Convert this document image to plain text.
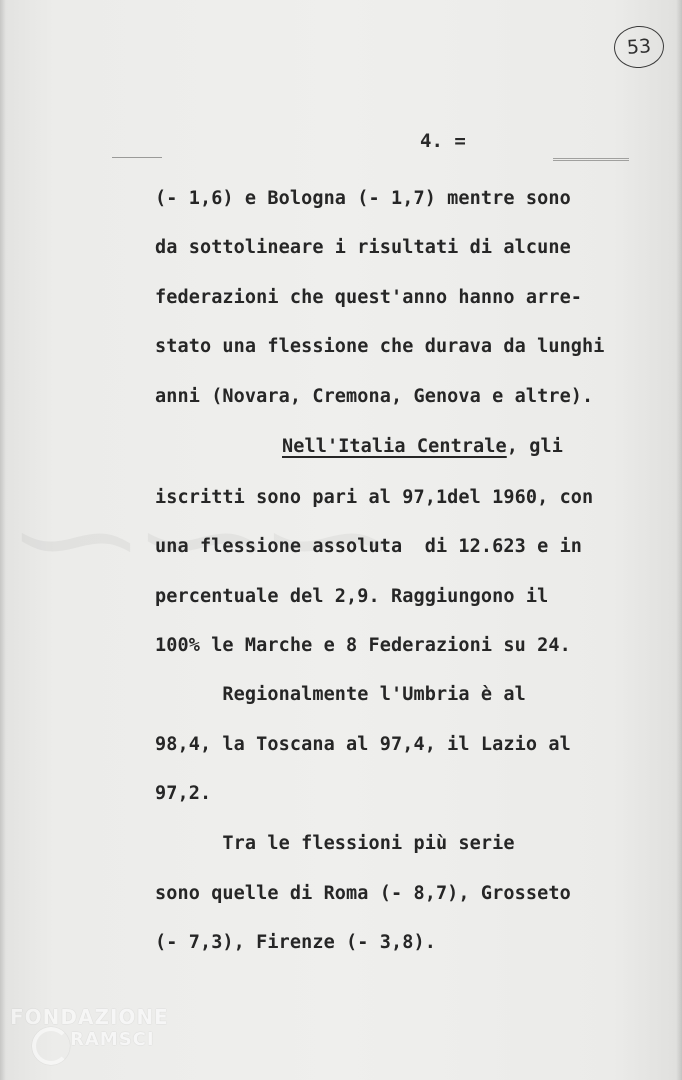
53
4. =
(- 1,6) e Bologna (- 1,7) mentre sono
da sottolineare i risultati di alcune
federazioni che quest'anno hanno arre-
stato una flessione che durava da lunghi
anni (Novara, Cremona, Genova e altre).
Nell'Italia Centrale, gli
iscritti sono pari al 97,1del 1960, con
una flessione assoluta  di 12.623 e in
percentuale del 2,9. Raggiungono il
100% le Marche e 8 Federazioni su 24.
Regionalmente l'Umbria è al
98,4, la Toscana al 97,4, il Lazio al
97,2.
Tra le flessioni più serie
sono quelle di Roma (- 8,7), Grosseto
(- 7,3), Firenze (- 3,8).
FONDAZIONE
RAMSCI
